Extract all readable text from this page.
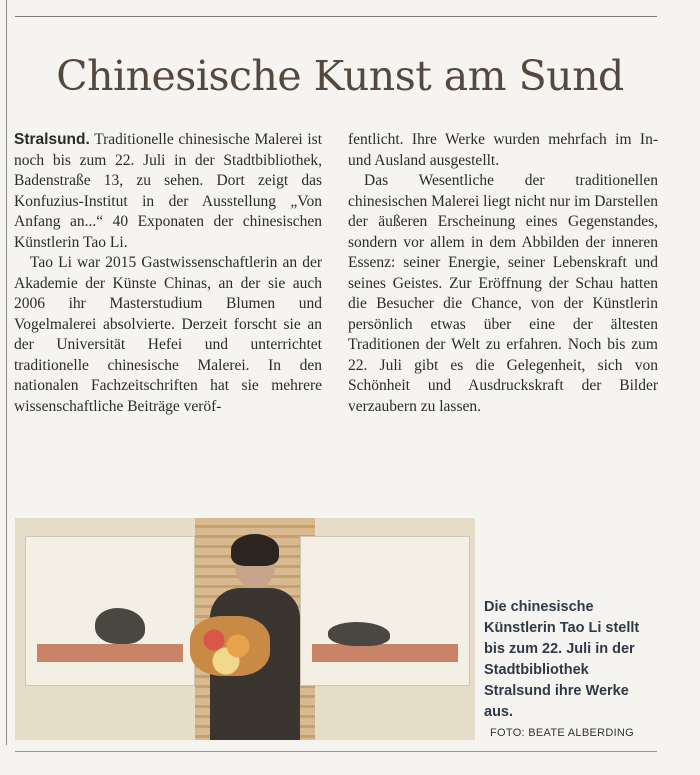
Chinesische Kunst am Sund

Stralsund. Traditionelle chinesische Malerei ist noch bis zum 22. Juli in der Stadtbibliothek, Badenstraße 13, zu sehen. Dort zeigt das Konfuzius-Institut in der Ausstellung „Von Anfang an...“ 40 Exponaten der chinesischen Künstlerin Tao Li.

Tao Li war 2015 Gastwissenschaftlerin an der Akademie der Künste Chinas, an der sie auch 2006 ihr Masterstudium Blumen und Vogelmalerei absolvierte. Derzeit forscht sie an der Universität Hefei und unterrichtet traditionelle chinesische Malerei. In den nationalen Fachzeitschriften hat sie mehrere wissenschaftliche Beiträge veröf-

fentlicht. Ihre Werke wurden mehrfach im In- und Ausland ausgestellt.

Das Wesentliche der traditionellen chinesischen Malerei liegt nicht nur im Darstellen der äußeren Erscheinung eines Gegenstandes, sondern vor allem in dem Abbilden der inneren Essenz: seiner Energie, seiner Lebenskraft und seines Geistes. Zur Eröffnung der Schau hatten die Besucher die Chance, von der Künstlerin persönlich etwas über eine der ältesten Traditionen der Welt zu erfahren. Noch bis zum 22. Juli gibt es die Gelegenheit, sich von Schönheit und Ausdruckskraft der Bilder verzaubern zu lassen.

Die chinesische Künstlerin Tao Li stellt bis zum 22. Juli in der Stadtbibliothek Stralsund ihre Werke aus.
FOTO: BEATE ALBERDING
